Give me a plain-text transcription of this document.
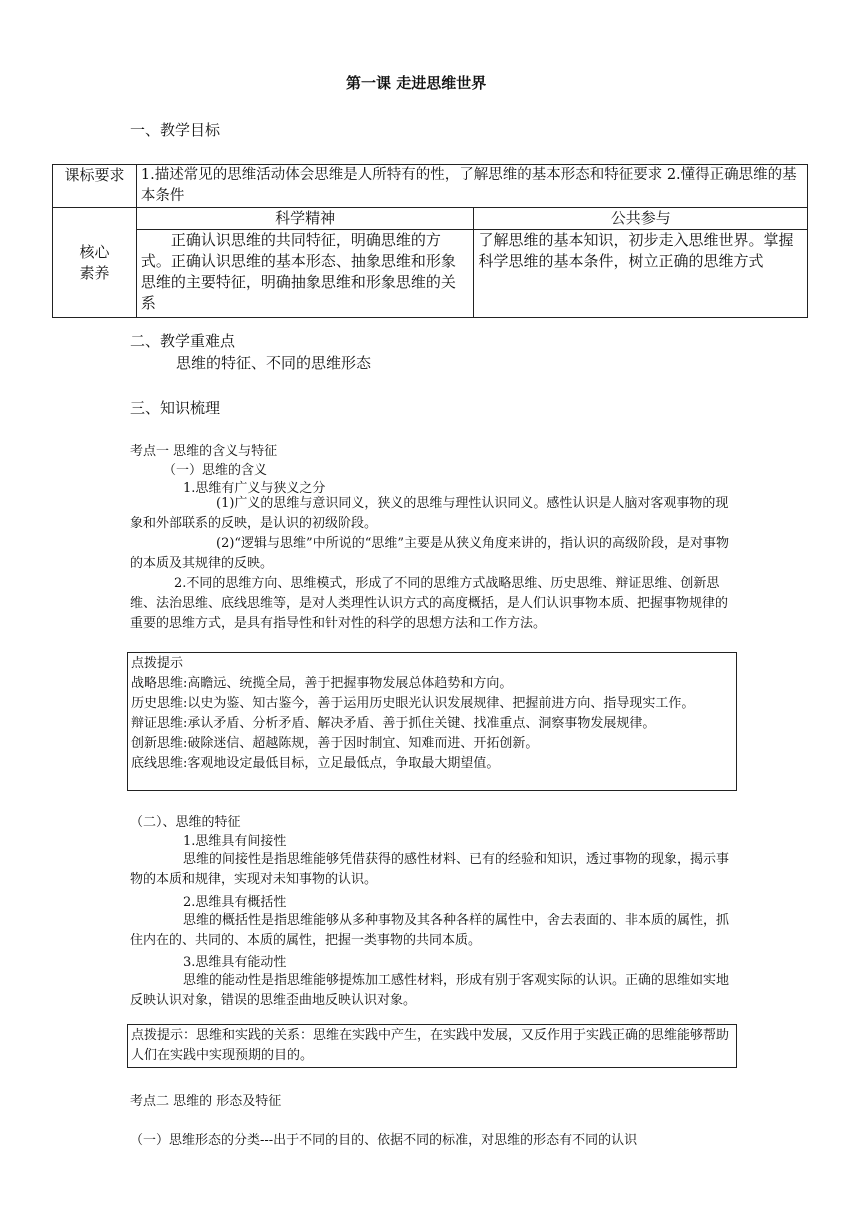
第一课 走进思维世界
一、教学目标
课标要求	1.描述常见的思维活动体会思维是人所特有的性，了解思维的基本形态和特征要求 2.懂得正确思维的基本条件	

核心
素养	科学精神	公共参与
	正确认识思维的共同特征，明确思维的方式。正确认识思维的基本形态、抽象思维和形象思维的主要特征，明确抽象思维和形象思维的关系	了解思维的基本知识，初步走入思维世界。掌握科学思维的基本条件，树立正确的思维方式
二、教学重难点
思维的特征、不同的思维形态
三、知识梳理
考点一 思维的含义与特征
（一）思维的含义
1.思维有广义与狭义之分
(1)广义的思维与意识同义，狭义的思维与理性认识同义。感性认识是人脑对客观事物的现象和外部联系的反映，是认识的初级阶段。
(2)“逻辑与思维”中所说的“思维”主要是从狭义角度来讲的，指认识的高级阶段，是对事物的本质及其规律的反映。
2.不同的思维方向、思维模式，形成了不同的思维方式战略思维、历史思维、辩证思维、创新思维、法治思维、底线思维等，是对人类理性认识方式的高度概括，是人们认识事物本质、把握事物规律的重要的思维方式，是具有指导性和针对性的科学的思想方法和工作方法。
点拨提示
战略思维:高瞻远、统揽全局，善于把握事物发展总体趋势和方向。
历史思维:以史为鉴、知古鉴今，善于运用历史眼光认识发展规律、把握前进方向、指导现实工作。
辩证思维:承认矛盾、分析矛盾、解决矛盾、善于抓住关键、找准重点、洞察事物发展规律。
创新思维:破除迷信、超越陈规，善于因时制宜、知难而进、开拓创新。
底线思维:客观地设定最低目标，立足最低点，争取最大期望值。
（二）、思维的特征
1.思维具有间接性
思维的间接性是指思维能够凭借获得的感性材料、已有的经验和知识，透过事物的现象，揭示事物的本质和规律，实现对未知事物的认识。
2.思维具有概括性
思维的概括性是指思维能够从多种事物及其各种各样的属性中，舍去表面的、非本质的属性，抓住内在的、共同的、本质的属性，把握一类事物的共同本质。
3.思维具有能动性
思维的能动性是指思维能够提炼加工感性材料，形成有别于客观实际的认识。正确的思维如实地反映认识对象，错误的思维歪曲地反映认识对象。
点拨提示：思维和实践的关系：思维在实践中产生，在实践中发展，又反作用于实践正确的思维能够帮助人们在实践中实现预期的目的。
考点二 思维的 形态及特征
（一）思维形态的分类---出于不同的目的、依据不同的标准，对思维的形态有不同的认识
